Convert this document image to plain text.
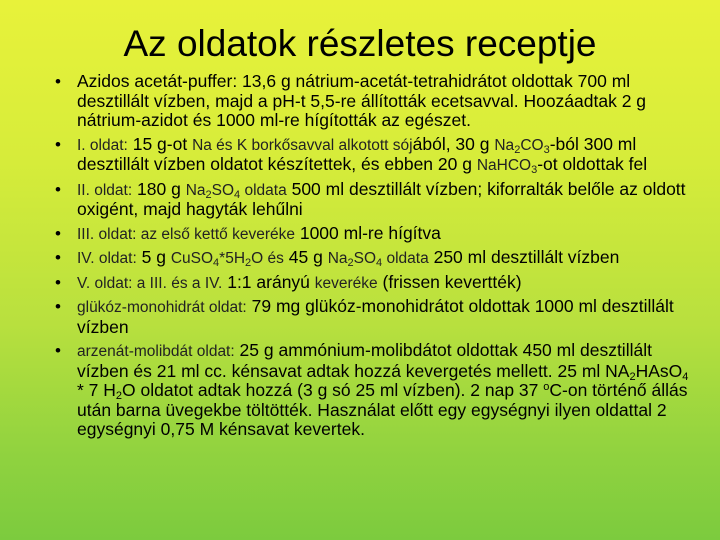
Az oldatok részletes receptje
• Azidos acetát-puffer: 13,6 g nátrium-acetát-tetrahidrátot oldottak 700 ml desztillált vízben, majd a pH-t 5,5-re állították ecetsavval. Hoozáadtak 2 g nátrium-azidot és 1000 ml-re hígították az egészet.
• I. oldat: 15 g-ot Na és K borkősavval alkotott sójából, 30 g $Na_2CO_3$-ból 300 ml desztillált vízben oldatot készítettek, és ebben 20 g NaHCO$_3$-ot oldottak fel
• II. oldat: 180 g $Na_2SO_4$ oldata 500 ml desztillált vízben; kiforralták belőle az oldott oxigént, majd hagyták lehűlni
• III. oldat: az első kettő keveréke 1000 ml-re hígítva
• IV. oldat: 5 g $CuSO_4*5H_2O$ és 45 g $Na_2SO_4$ oldata 250 ml desztillált vízben
• V. oldat: a III. és a IV. 1:1 arányú keveréke (frissen kevertték)
• glükóz-monohidrát oldat: 79 mg glükóz-monohidrátot oldottak 1000 ml desztillált vízben
• arzenát-molibdát oldat: 25 g ammónium-molibdátot oldottak 450 ml desztillált vízben és 21 ml cc. kénsavat adtak hozzá kevergetés mellett. 25 ml $NA_2HAsO_4 * 7$ $H_2O$ oldatot adtak hozzá (3 g só 25 ml vízben). 2 nap 37 $^o$C-on történő állás után barna üvegekbe töltötték. Használat előtt egy egységnyi ilyen oldattal 2 egységnyi 0,75 M kénsavat kevertek.
